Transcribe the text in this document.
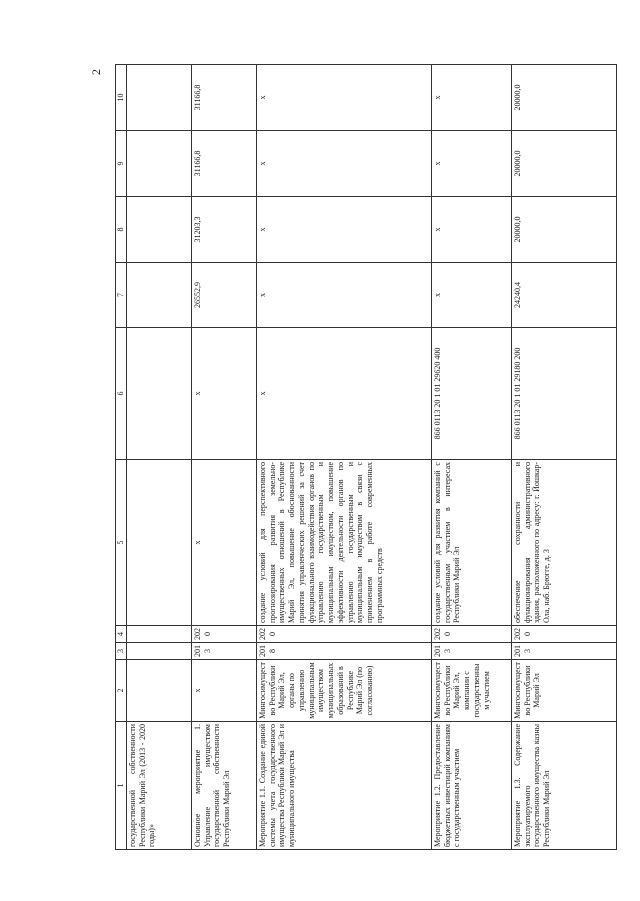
2
1	2	3	4	5	6	7	8	9	10
государственной собственности Республики Марий Эл (2013 - 2020 годы)»									
Основное мероприятие 1. Управление имуществом государственной собственности Республики Марий Эл	х	2013	2020	х	х	26552,9	31203,3	31166,8	31166,8
Мероприятие 1.1. Создание единой системы учета государственного имущества Республики Марий Эл и муниципального имущества	Мингосимущество Республики Марий Эл, органы по управлению муниципальным имуществом муниципальных образований в Республике Марий Эл (по согласованию)	2018	2020	создание условий для перспективного прогнозирования развития земельно-имущественных отношений в Республике Марий Эл, повышение обоснованности принятия управленческих решений за счет функционального взаимодействия органов по управлению государственным и муниципальным имуществом, повышение эффективности деятельности органов по управлению государственным и муниципальным имуществом в связи с применением в работе современных программных средств	х	х	х	х	х
Мероприятие 1.2. Предоставление бюджетных инвестиций компаниям с государственным участием	Мингосимущество Республики Марий Эл, компании с государственным участием	2013	2020	создание условий для развития компаний с государственным участием в интересах Республики Марий Эл	866 0113 20 1 01 29620 400	х	х	х	х
Мероприятие 1.3. Содержание эксплуатируемого государственного имущества казны Республики Марий Эл	Мингосимущество Республики Марий Эл	2013	2020	обеспечение сохранности и функционирования административного здания, расположенного по адресу: г. Йошкар-Ола, наб. Брюгге, д. 3	866 0113 20 1 01 29180 200	24240,4	20000,0	20000,0	20000,0
